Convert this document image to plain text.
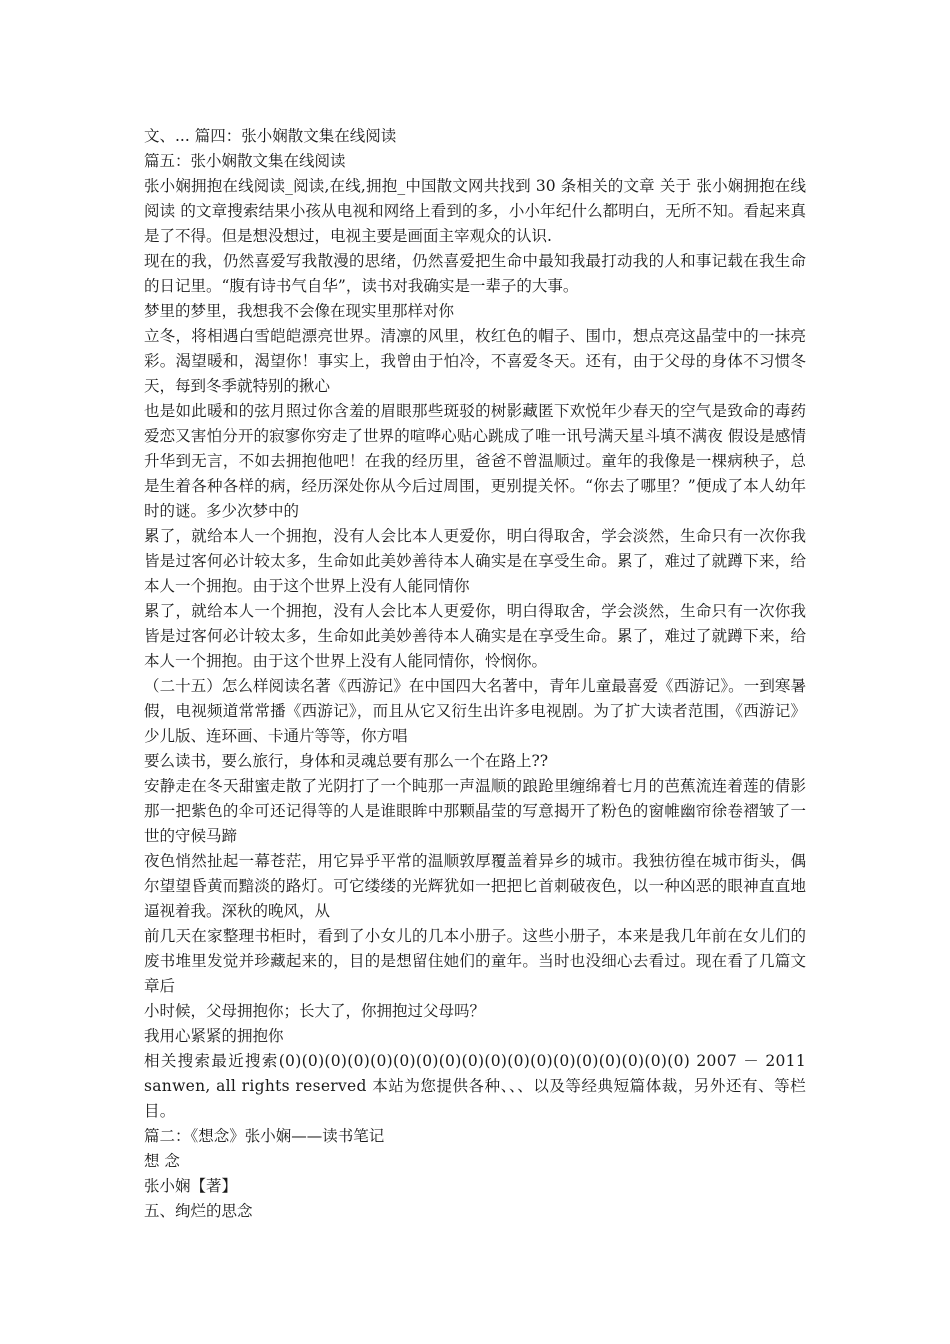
文、... 篇四：张小娴散文集在线阅读

篇五：张小娴散文集在线阅读

张小娴拥抱在线阅读_阅读,在线,拥抱_中国散文网共找到 30 条相关的文章 关于 张小娴拥抱在线阅读 的文章搜索结果小孩从电视和网络上看到的多，小小年纪什么都明白，无所不知。看起来真是了不得。但是想没想过，电视主要是画面主宰观众的认识.

现在的我，仍然喜爱写我散漫的思绪，仍然喜爱把生命中最知我最打动我的人和事记载在我生命的日记里。“腹有诗书气自华”，读书对我确实是一辈子的大事。

梦里的梦里，我想我不会像在现实里那样对你

立冬，将相遇白雪皑皑漂亮世界。清凛的风里，枚红色的帽子、围巾，想点亮这晶莹中的一抹亮彩。渴望暖和，渴望你！事实上，我曾由于怕冷，不喜爱冬天。还有，由于父母的身体不习惯冬天，每到冬季就特别的揪心

也是如此暖和的弦月照过你含羞的眉眼那些斑驳的树影藏匿下欢悦年少春天的空气是致命的毒药爱恋又害怕分开的寂寥你穷走了世界的喧哗心贴心跳成了唯一讯号满天星斗填不满夜 假设是感情升华到无言，不如去拥抱他吧！在我的经历里，爸爸不曾温顺过。童年的我像是一棵病秧子，总是生着各种各样的病，经历深处你从今后过周围，更别提关怀。“你去了哪里？”便成了本人幼年时的谜。多少次梦中的

累了，就给本人一个拥抱，没有人会比本人更爱你，明白得取舍，学会淡然，生命只有一次你我皆是过客何必计较太多，生命如此美妙善待本人确实是在享受生命。累了，难过了就蹲下来，给本人一个拥抱。由于这个世界上没有人能同情你

累了，就给本人一个拥抱，没有人会比本人更爱你，明白得取舍，学会淡然，生命只有一次你我皆是过客何必计较太多，生命如此美妙善待本人确实是在享受生命。累了，难过了就蹲下来，给本人一个拥抱。由于这个世界上没有人能同情你，怜悯你。

（二十五）怎么样阅读名著《西游记》在中国四大名著中，青年儿童最喜爱《西游记》。一到寒暑假，电视频道常常播《西游记》，而且从它又衍生出许多电视剧。为了扩大读者范围，《西游记》少儿版、连环画、卡通片等等，你方唱

要么读书，要么旅行，身体和灵魂总要有那么一个在路上??

安静走在冬天甜蜜走散了光阴打了一个盹那一声温顺的踉跄里缠绵着七月的芭蕉流连着莲的倩影那一把紫色的伞可还记得等的人是谁眼眸中那颗晶莹的写意揭开了粉色的窗帷幽帘徐卷褶皱了一世的守候马蹄

夜色悄然扯起一幕苍茫，用它异乎平常的温顺敦厚覆盖着异乡的城市。我独彷徨在城市街头，偶尔望望昏黄而黯淡的路灯。可它缕缕的光辉犹如一把把匕首刺破夜色，以一种凶恶的眼神直直地逼视着我。深秋的晚风，从

前几天在家整理书柜时，看到了小女儿的几本小册子。这些小册子，本来是我几年前在女儿们的废书堆里发觉并珍藏起来的，目的是想留住她们的童年。当时也没细心去看过。现在看了几篇文章后

小时候，父母拥抱你；长大了，你拥抱过父母吗？

我用心紧紧的拥抱你

相关搜索最近搜索(0)(0)(0)(0)(0)(0)(0)(0)(0)(0)(0)(0)(0)(0)(0)(0)(0)(0) 2007 － 2011 sanwen, all rights reserved 本站为您提供各种、、、以及等经典短篇体裁，另外还有、等栏目。

篇二：《想念》张小娴——读书笔记

想 念

张小娴【著】

五、绚烂的思念
